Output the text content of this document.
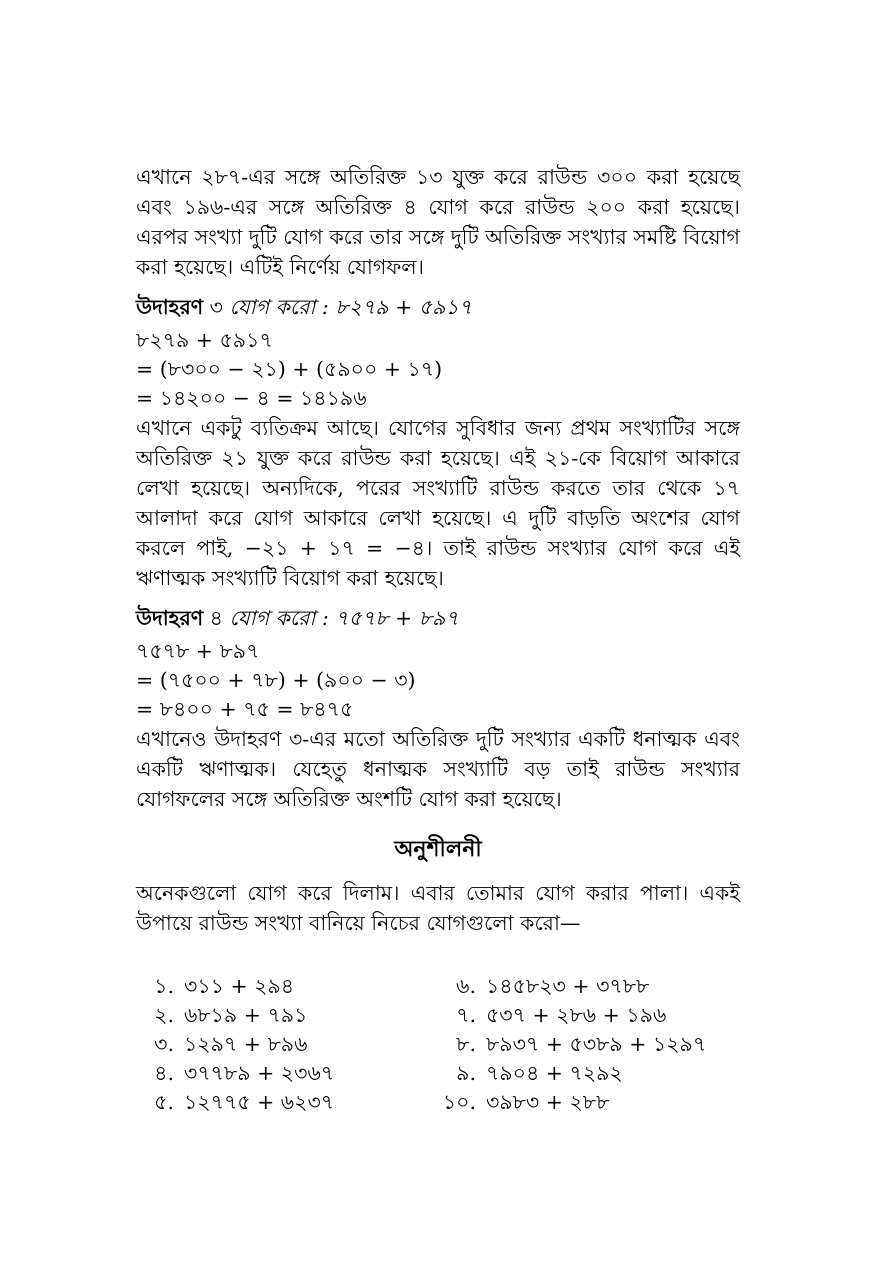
এখানে ২৮৭-এর সঙ্গে অতিরিক্ত ১৩ যুক্ত করে রাউন্ড ৩০০ করা হয়েছে এবং ১৯৬-এর সঙ্গে অতিরিক্ত ৪ যোগ করে রাউন্ড ২০০ করা হয়েছে। এরপর সংখ্যা দুটি যোগ করে তার সঙ্গে দুটি অতিরিক্ত সংখ্যার সমষ্টি বিয়োগ করা হয়েছে। এটিই নির্ণেয় যোগফল।

উদাহরণ ৩ যোগ করো : ৮২৭৯ + ৫৯১৭

৮২৭৯ + ৫৯১৭

= (৮৩০০ − ২১) + (৫৯০০ + ১৭)

= ১৪২০০ − ৪ = ১৪১৯৬

এখানে একটু ব্যতিক্রম আছে। যোগের সুবিধার জন্য প্রথম সংখ্যাটির সঙ্গে অতিরিক্ত ২১ যুক্ত করে রাউন্ড করা হয়েছে। এই ২১-কে বিয়োগ আকারে লেখা হয়েছে। অন্যদিকে, পরের সংখ্যাটি রাউন্ড করতে তার থেকে ১৭ আলাদা করে যোগ আকারে লেখা হয়েছে। এ দুটি বাড়তি অংশের যোগ করলে পাই, −২১ + ১৭ = −৪। তাই রাউন্ড সংখ্যার যোগ করে এই ঋণাত্মক সংখ্যাটি বিয়োগ করা হয়েছে।

উদাহরণ ৪ যোগ করো : ৭৫৭৮ + ৮৯৭

৭৫৭৮ + ৮৯৭

= (৭৫০০ + ৭৮) + (৯০০ − ৩)

= ৮৪০০ + ৭৫ = ৮৪৭৫

এখানেও উদাহরণ ৩-এর মতো অতিরিক্ত দুটি সংখ্যার একটি ধনাত্মক এবং একটি ঋণাত্মক। যেহেতু ধনাত্মক সংখ্যাটি বড় তাই রাউন্ড সংখ্যার যোগফলের সঙ্গে অতিরিক্ত অংশটি যোগ করা হয়েছে।

অনুশীলনী

অনেকগুলো যোগ করে দিলাম। এবার তোমার যোগ করার পালা। একই উপায়ে রাউন্ড সংখ্যা বানিয়ে নিচের যোগগুলো করো—

১. ৩১১ + ২৯৪
২. ৬৮১৯ + ৭৯১
৩. ১২৯৭ + ৮৯৬
৪. ৩৭৭৮৯ + ২৩৬৭
৫. ১২৭৭৫ + ৬২৩৭
৬. ১৪৫৮২৩ + ৩৭৮৮
৭. ৫৩৭ + ২৮৬ + ১৯৬
৮. ৮৯৩৭ + ৫৩৮৯ + ১২৯৭
৯. ৭৯০৪ + ৭২৯২
১০. ৩৯৮৩ + ২৮৮
